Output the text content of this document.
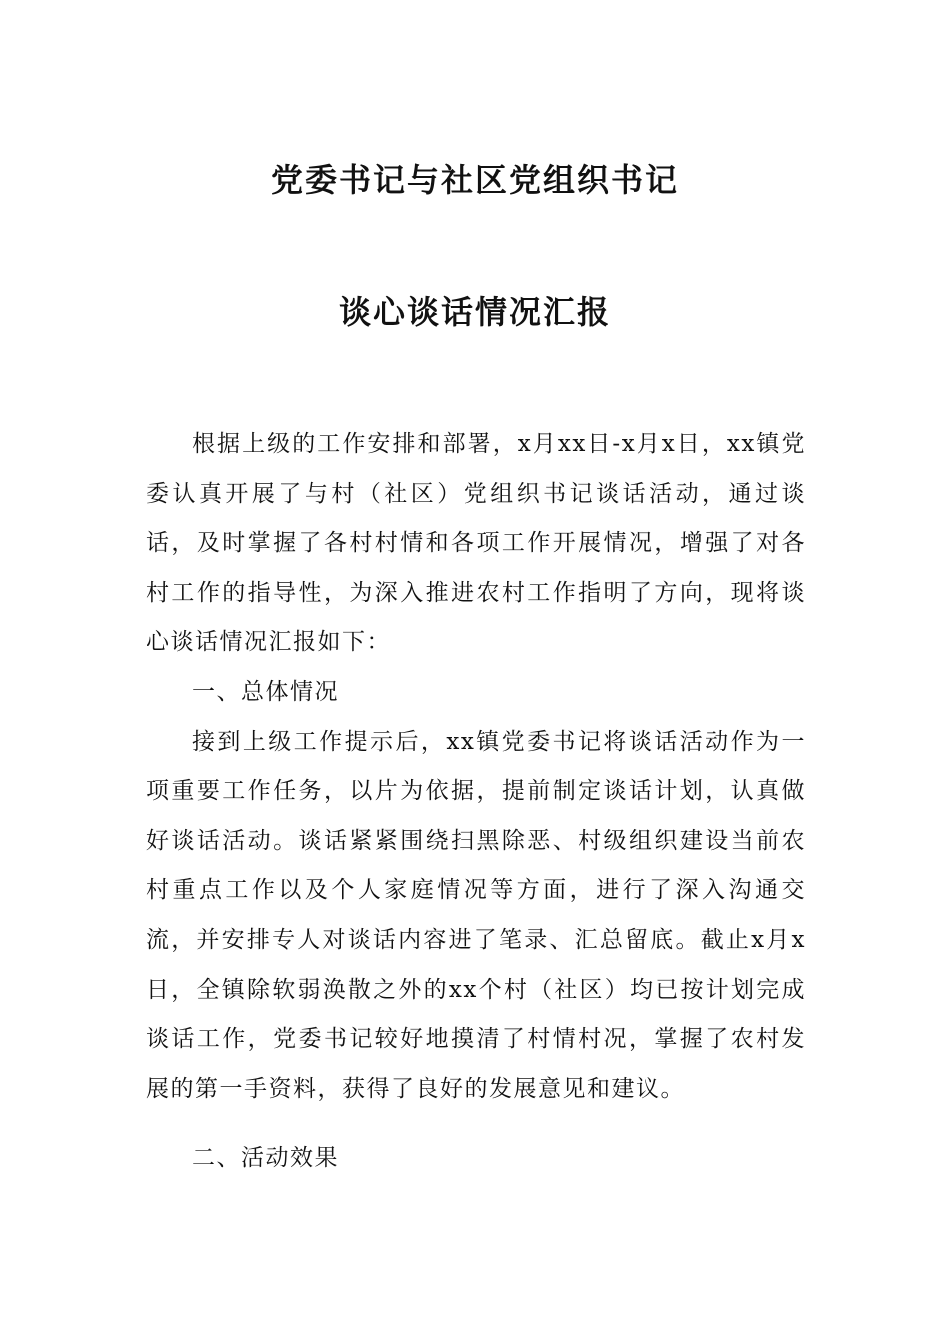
党委书记与社区党组织书记
谈心谈话情况汇报

根据上级的工作安排和部署，x月xx日-x月x日，xx镇党委认真开展了与村（社区）党组织书记谈话活动，通过谈话，及时掌握了各村村情和各项工作开展情况，增强了对各村工作的指导性，为深入推进农村工作指明了方向，现将谈心谈话情况汇报如下：

一、总体情况

接到上级工作提示后，xx镇党委书记将谈话活动作为一项重要工作任务，以片为依据，提前制定谈话计划，认真做好谈话活动。谈话紧紧围绕扫黑除恶、村级组织建设当前农村重点工作以及个人家庭情况等方面，进行了深入沟通交流，并安排专人对谈话内容进了笔录、汇总留底。截止x月x日，全镇除软弱涣散之外的xx个村（社区）均已按计划完成谈话工作，党委书记较好地摸清了村情村况，掌握了农村发展的第一手资料，获得了良好的发展意见和建议。

二、活动效果
